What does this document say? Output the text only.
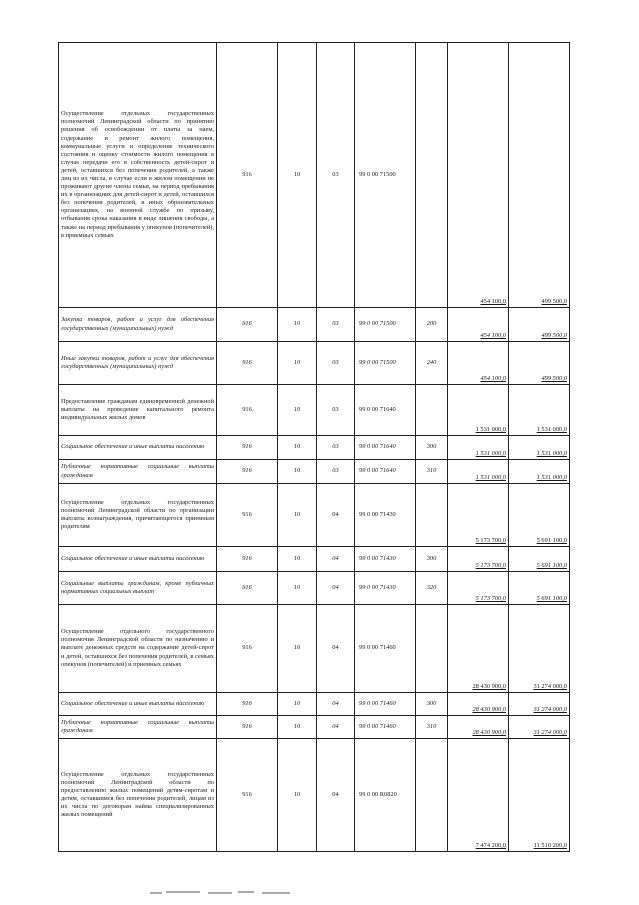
Осуществление отдельных государственных полномочий Ленинградской области по принятию решения об освобождении от платы за наем, содержание и ремонт жилого помещения, коммунальные услуги и определение технического состояния и оценку стоимости жилого помещения в случае передачи его в собственность детей-сирот и детей, оставшихся без попечения родителей, а также лиц из их числа, в случае если в жилом помещении не проживают другие члены семьи, на период пребывания их в организациях для детей-сирот и детей, оставшихся без попечения родителей, в иных образовательных организациях, на военной службе по призыву, отбывания срока наказания в виде лишения свободы, а также на период пребывания у опекунов (попечителей), в приемных семьях	916	10	03	99 0 00 71500		454 100,0	499 500,0
Закупка товаров, работ и услуг для обеспечения государственных (муниципальных) нужд	916	10	03	99 0 00 71500	200	454 100,0	499 500,0
Иные закупки товаров, работ и услуг для обеспечения государственных (муниципальных) нужд	916	10	03	99 0 00 71500	240	454 100,0	499 500,0
Предоставление гражданам единовременной денежной выплаты на проведение капитального ремонта индивидуальных жилых домов	916	10	03	99 0 00 71640		1 531 000,0	1 531 000,0
Социальное обеспечение и иные выплаты населению	916	10	03	99 0 00 71640	300	1 531 000,0	1 531 000,0
Публичные нормативные социальные выплаты гражданам	916	10	03	99 0 00 71640	310	1 531 000,0	1 531 000,0
Осуществление отдельных государственных полномочий Ленинградской области по организации выплаты вознаграждения, причитающегося приемным родителям	916	10	04	99 0 00 71430		5 173 700,0	5 691 100,0
Социальное обеспечение и иные выплаты населению	916	10	04	99 0 00 71430	300	5 173 700,0	5 691 100,0
Социальные выплаты гражданам, кроме публичных нормативных социальных выплат	916	10	04	99 0 00 71430	320	5 173 700,0	5 691 100,0
Осуществление отдельного государственного полномочия Ленинградской области по назначению и выплате денежных средств на содержание детей-сирот и детей, оставшихся без попечения родителей, в семьях опекунов (попечителей) и приемных семьях	916	10	04	99 0 00 71460		28 430 900,0	31 274 000,0
Социальное обеспечение и иные выплаты населению	916	10	04	99 0 00 71460	300	28 430 900,0	31 274 000,0
Публичные нормативные социальные выплаты гражданам	916	10	04	99 0 00 71460	310	28 430 900,0	31 274 000,0
Осуществление отдельных государственных полномочий Ленинградской области по предоставлению жилых помещений детям-сиротам и детям, оставшимся без попечения родителей, лицам из их числа по договорам найма специализированных жилых помещений	916	10	04	99 0 00 R0820		7 474 200,0	11 510 200,0
